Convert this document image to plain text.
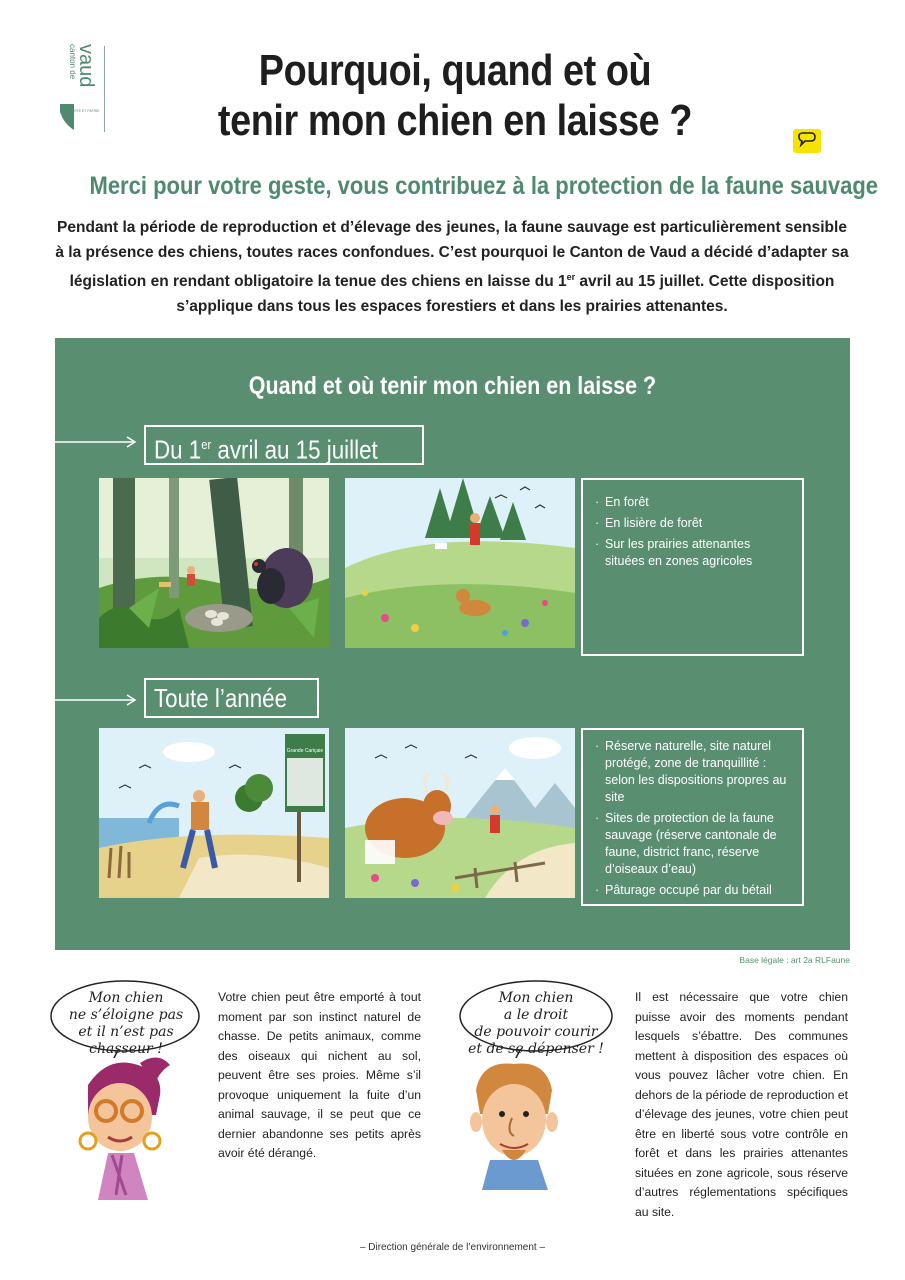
canton de
vaud
LIBERTÉ ET PATRIE
Pourquoi, quand et où
tenir mon chien en laisse ?
Merci pour votre geste, vous contribuez à la protection de la faune sauvage

Pendant la période de reproduction et d’élevage des jeunes, la faune sauvage est particulièrement sensible à la présence des chiens, toutes races confondues. C’est pourquoi le Canton de Vaud a décidé d’adapter sa législation en rendant obligatoire la tenue des chiens en laisse du 1er avril au 15 juillet. Cette disposition s’applique dans tous les espaces forestiers et dans les prairies attenantes.

Quand et où tenir mon chien en laisse ?
Du 1er avril au 15 juillet
· En forêt
· En lisière de forêt
· Sur les prairies attenantes situées en zones agricoles
Toute l’année
Grande Cariçaie
·	Réserve naturelle, site naturel protégé, zone de tranquillité : selon les dispositions propres au site
· Sites de protection de la faune sauvage (réserve cantonale de faune, district franc, réserve d’oiseaux d’eau)
· Pâturage occupé par du bétail
Base légale : art 2a RLFaune
Mon chien
ne s’éloigne pas
et il n’est pas
chasseur !

Votre chien peut être emporté à tout moment par son instinct naturel de chasse. De petits animaux, comme des oiseaux qui nichent au sol, peuvent être ses proies. Même s’il provoque uniquement la fuite d’un animal sauvage, il se peut que ce dernier abandonne ses petits après avoir été dérangé.

Mon chien
a le droit
de pouvoir courir
et de se dépenser !

Il est nécessaire que votre chien puisse avoir des moments pendant lesquels s’ébattre. Des communes mettent à disposition des espaces où vous pouvez lâcher votre chien. En dehors de la période de reproduction et d’élevage des jeunes, votre chien peut être en liberté sous votre contrôle en forêt et dans les prairies attenantes situées en zone agricole, sous réserve d’autres réglementations spécifiques au site.

– Direction générale de l’environnement –
